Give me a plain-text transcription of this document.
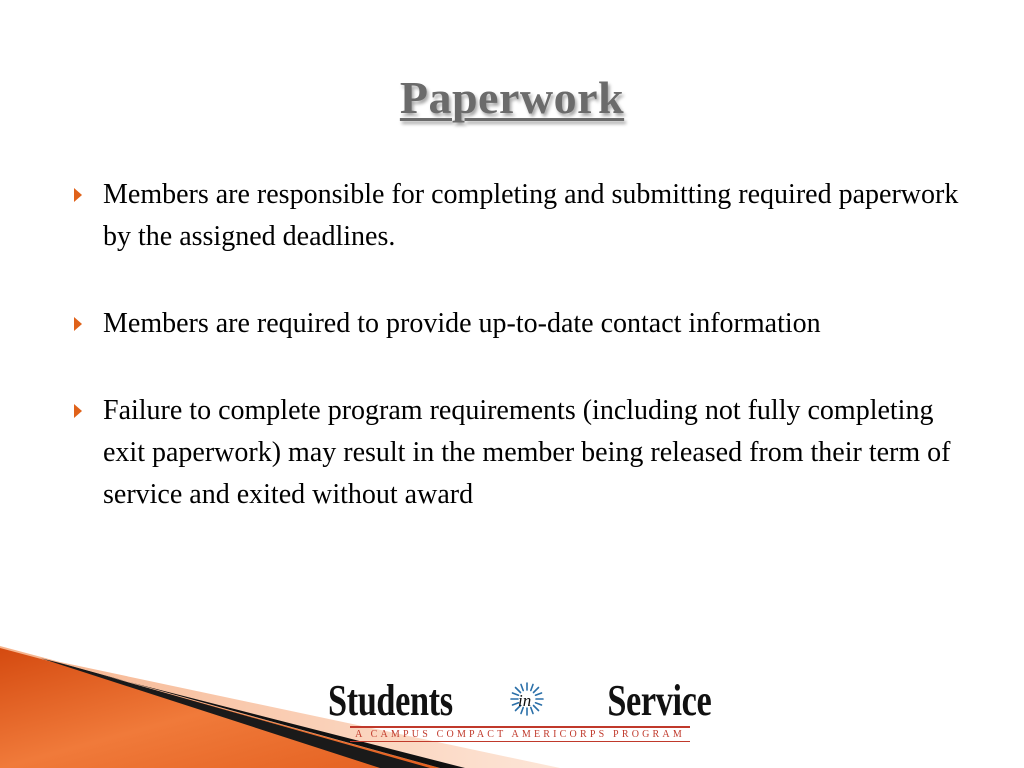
Paperwork
Members are responsible for completing and submitting required paperwork by the assigned deadlines.
Members are required to provide up-to-date contact information
Failure to complete program requirements (including not fully completing exit paperwork) may result in the member being released from their term of service and exited without award
Students	in Service
A CAMPUS COMPACT AMERICORPS PROGRAM
